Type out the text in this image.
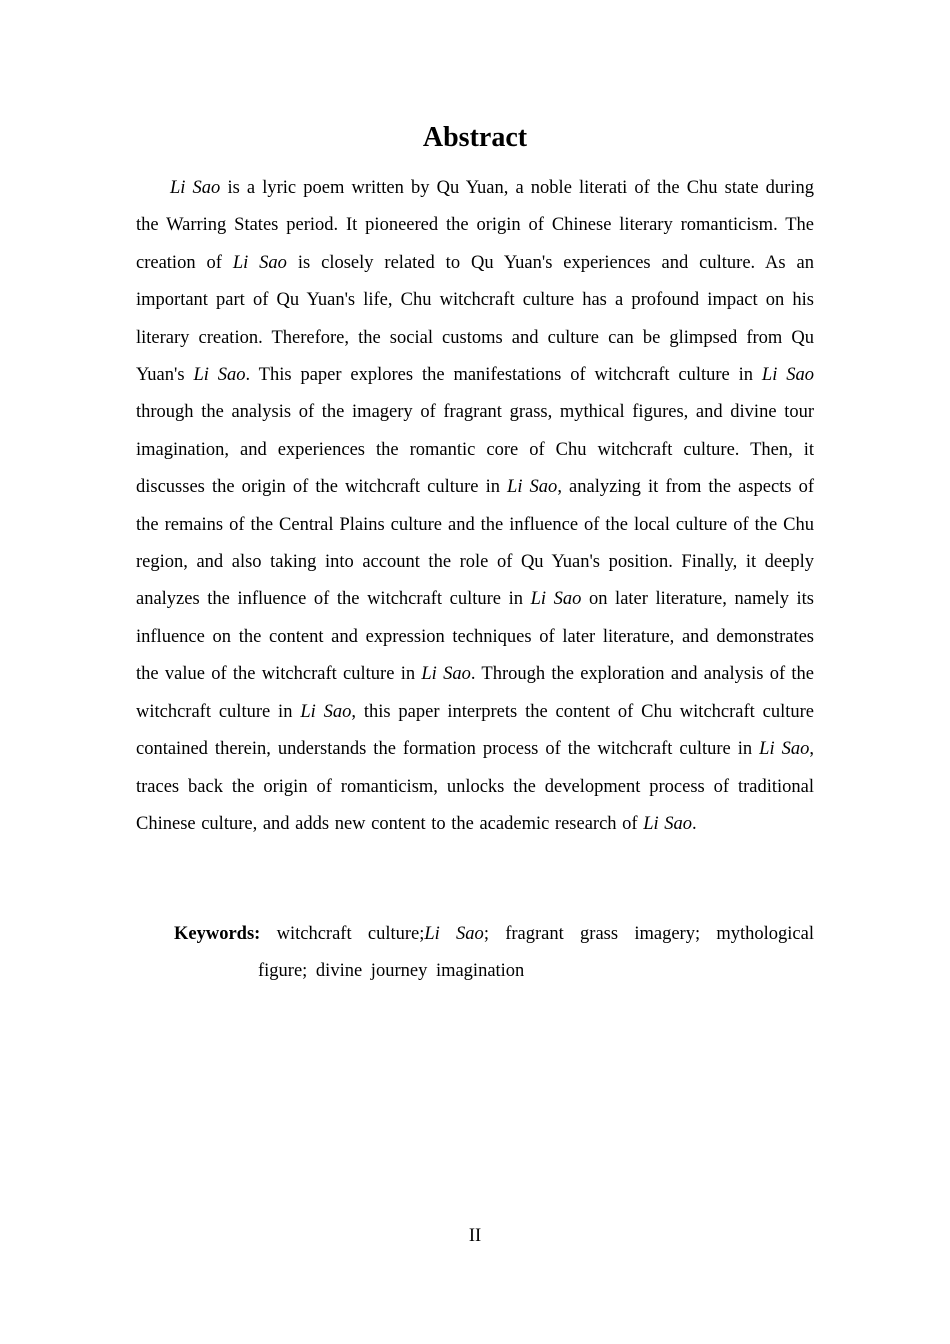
Abstract

Li Sao is a lyric poem written by Qu Yuan, a noble literati of the Chu state during the Warring States period. It pioneered the origin of Chinese literary romanticism. The creation of Li Sao is closely related to Qu Yuan's experiences and culture. As an important part of Qu Yuan's life, Chu witchcraft culture has a profound impact on his literary creation. Therefore, the social customs and culture can be glimpsed from Qu Yuan's Li Sao. This paper explores the manifestations of witchcraft culture in Li Sao through the analysis of the imagery of fragrant grass, mythical figures, and divine tour imagination, and experiences the romantic core of Chu witchcraft culture. Then, it discusses the origin of the witchcraft culture in Li Sao, analyzing it from the aspects of the remains of the Central Plains culture and the influence of the local culture of the Chu region, and also taking into account the role of Qu Yuan's position. Finally, it deeply analyzes the influence of the witchcraft culture in Li Sao on later literature, namely its influence on the content and expression techniques of later literature, and demonstrates the value of the witchcraft culture in Li Sao. Through the exploration and analysis of the witchcraft culture in Li Sao, this paper interprets the content of Chu witchcraft culture contained therein, understands the formation process of the witchcraft culture in Li Sao, traces back the origin of romanticism, unlocks the development process of traditional Chinese culture, and adds new content to the academic research of Li Sao.

Keywords: witchcraft culture;Li Sao; fragrant grass imagery; mythological figure; divine journey imagination

II
